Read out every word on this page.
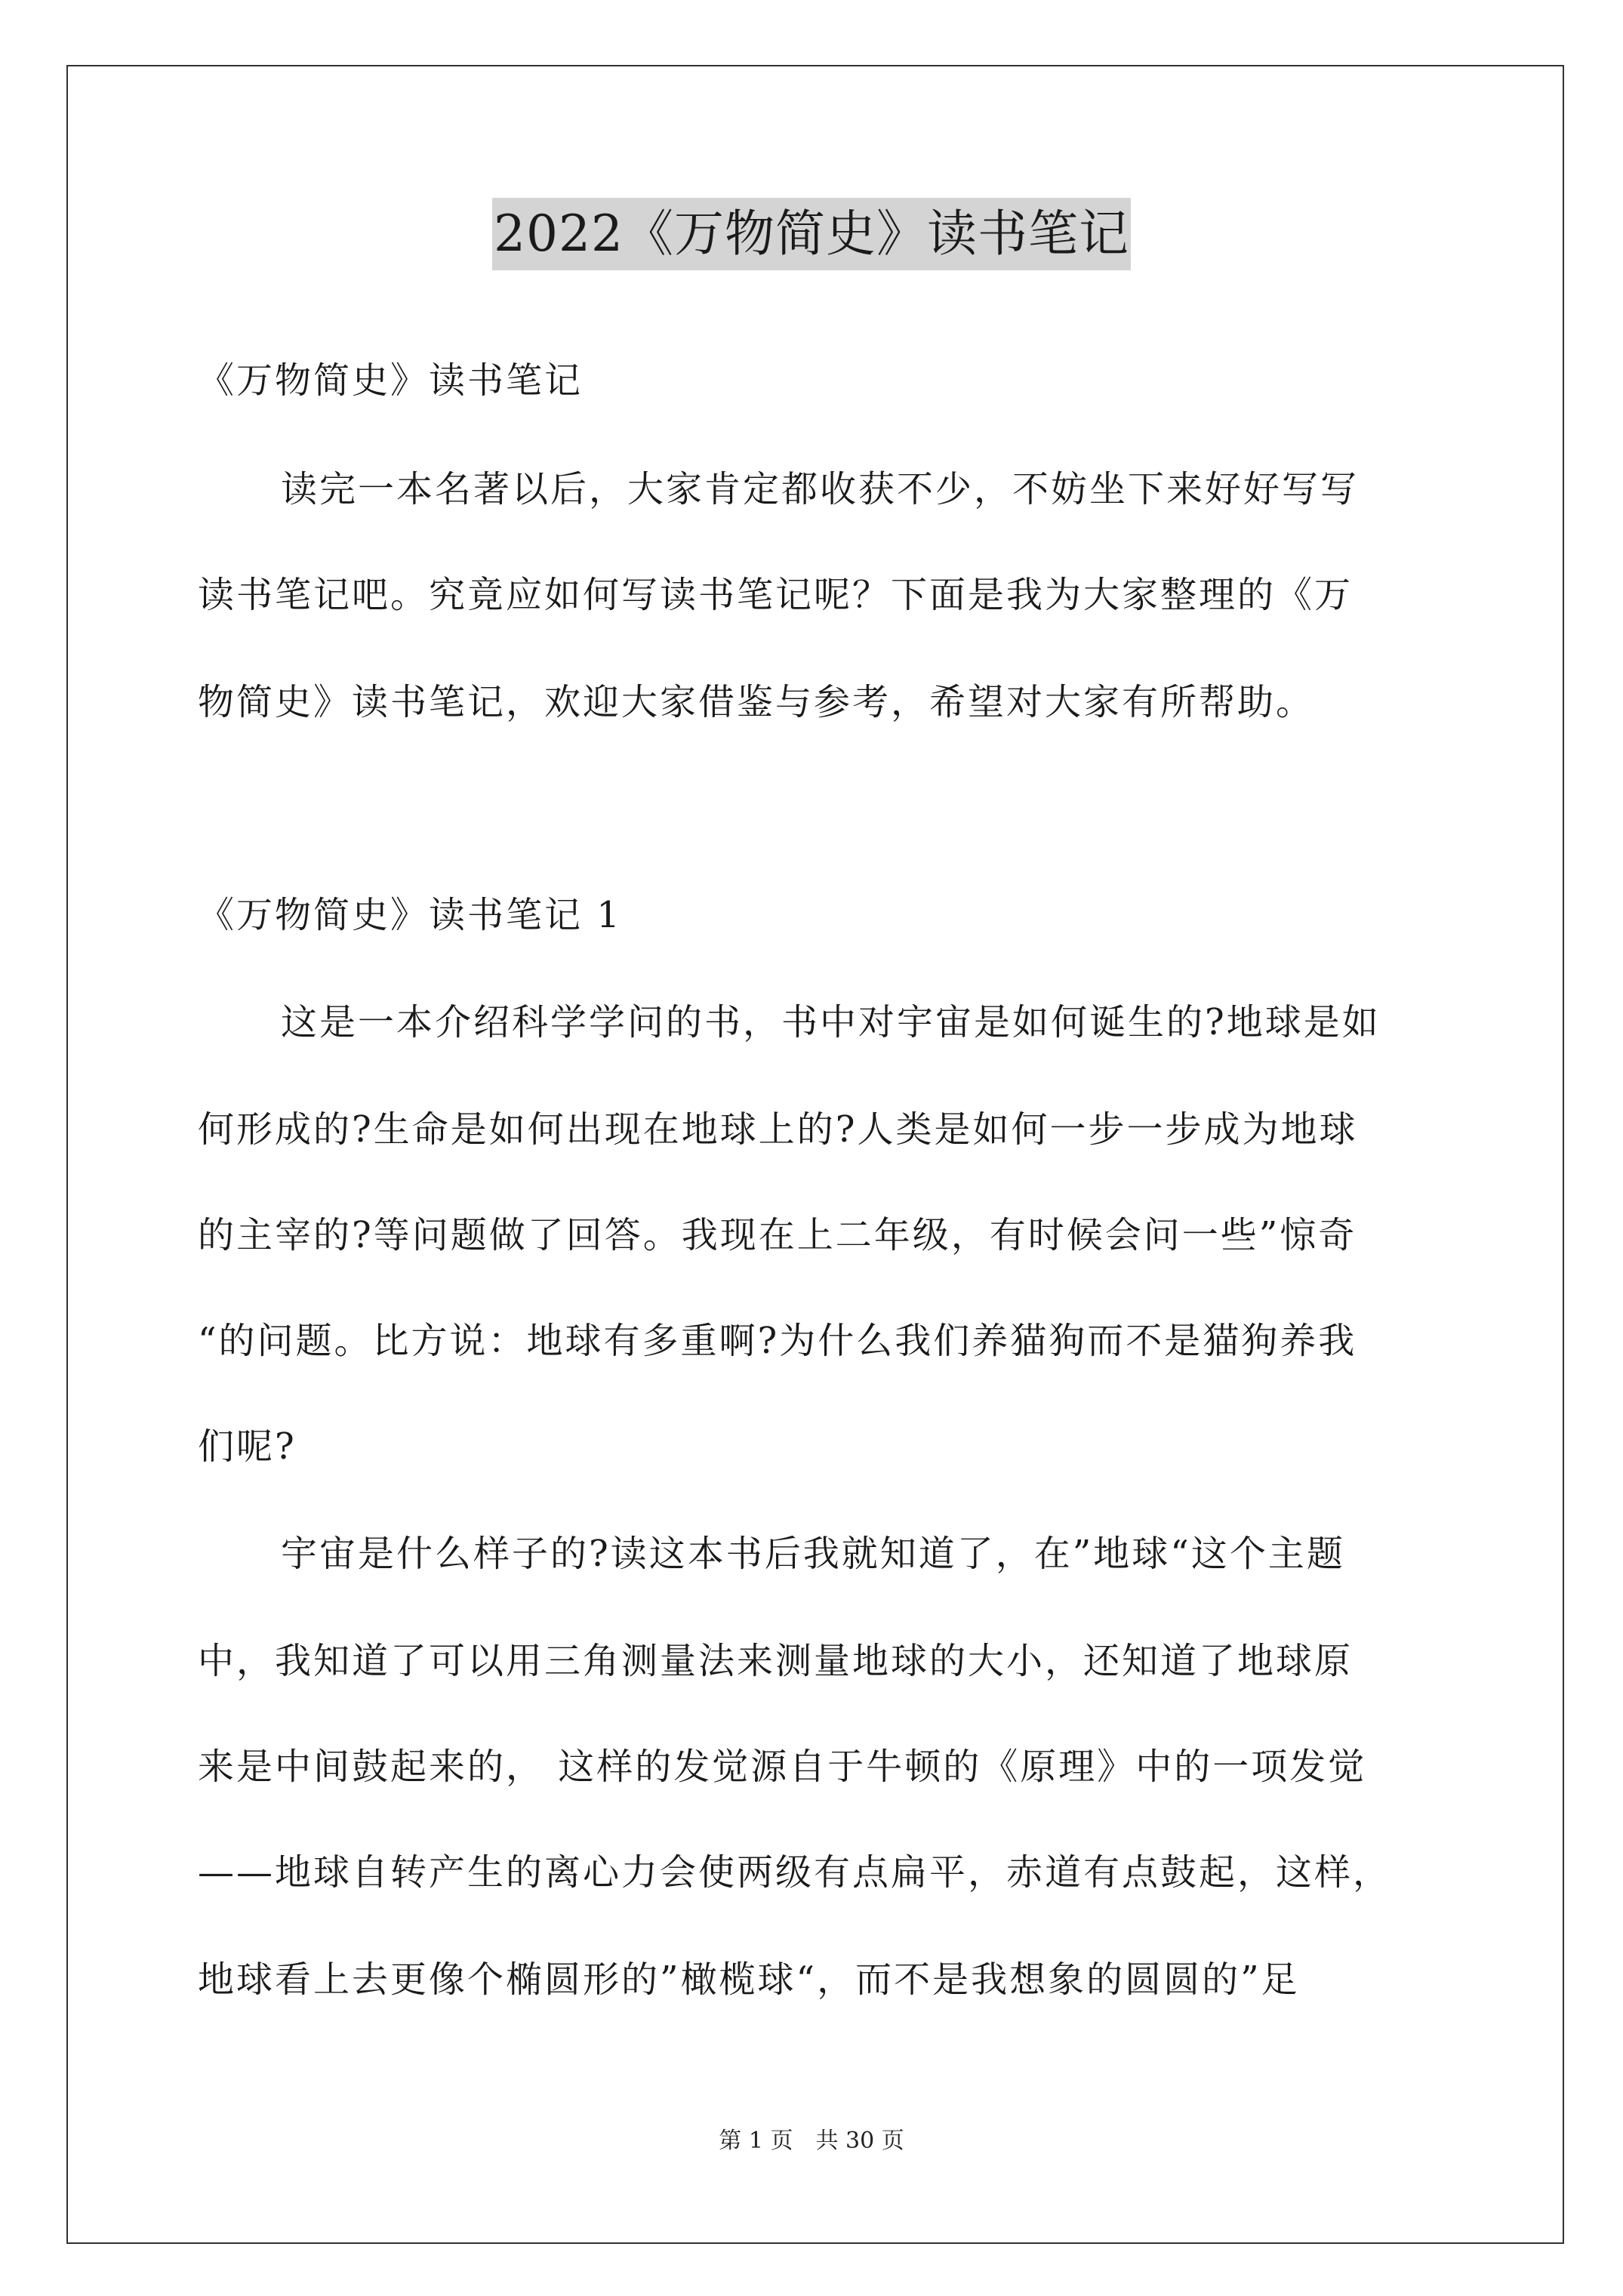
2022《万物简史》读书笔记
《万物简史》读书笔记
读完一本名著以后，大家肯定都收获不少，不妨坐下来好好写写
读书笔记吧。究竟应如何写读书笔记呢？下面是我为大家整理的《万
物简史》读书笔记，欢迎大家借鉴与参考，希望对大家有所帮助。
《万物简史》读书笔记 1
这是一本介绍科学学问的书，书中对宇宙是如何诞生的?地球是如
何形成的?生命是如何出现在地球上的?人类是如何一步一步成为地球
的主宰的?等问题做了回答。我现在上二年级，有时候会问一些”惊奇
“的问题。比方说：地球有多重啊?为什么我们养猫狗而不是猫狗养我
们呢?
宇宙是什么样子的?读这本书后我就知道了，在”地球“这个主题
中，我知道了可以用三角测量法来测量地球的大小，还知道了地球原
来是中间鼓起来的， 这样的发觉源自于牛顿的《原理》中的一项发觉
——地球自转产生的离心力会使两级有点扁平，赤道有点鼓起，这样，
地球看上去更像个椭圆形的”橄榄球“，而不是我想象的圆圆的”足
第 1 页　共 30 页
